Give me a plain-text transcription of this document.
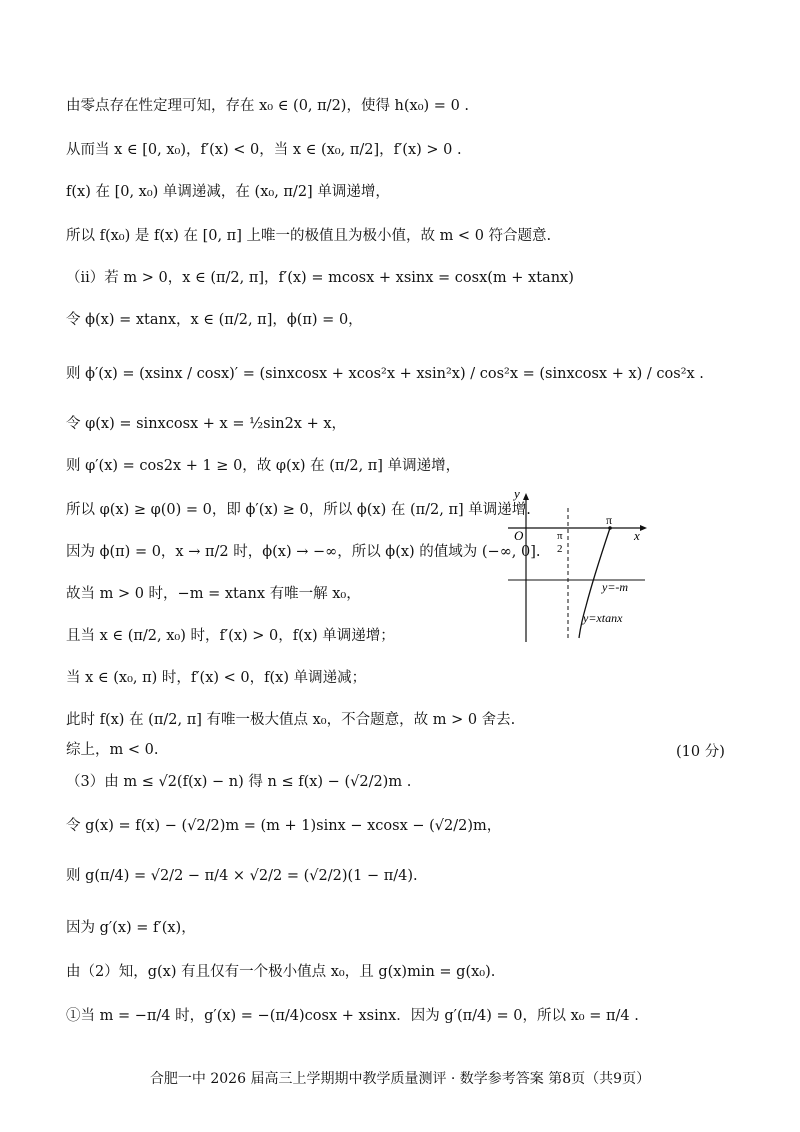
由零点存在性定理可知，存在 x₀ ∈ (0, π/2)，使得 h(x₀) = 0 .
从而当 x ∈ [0, x₀)，f′(x) < 0，当 x ∈ (x₀, π/2]，f′(x) > 0 .
f(x) 在 [0, x₀) 单调递减，在 (x₀, π/2] 单调递增，
所以 f(x₀) 是 f(x) 在 [0, π] 上唯一的极值且为极小值，故 m < 0 符合题意.
（ii）若 m > 0，x ∈ (π/2, π]，f′(x) = mcosx + xsinx = cosx(m + xtanx)
令 ϕ(x) = xtanx，x ∈ (π/2, π]，ϕ(π) = 0，
则 ϕ′(x) = (xsinx / cosx)′ = (sinxcosx + xcos²x + xsin²x) / cos²x = (sinxcosx + x) / cos²x .
令 φ(x) = sinxcosx + x = ½sin2x + x，
则 φ′(x) = cos2x + 1 ≥ 0，故 φ(x) 在 (π/2, π] 单调递增，
所以 φ(x) ≥ φ(0) = 0，即 ϕ′(x) ≥ 0，所以 ϕ(x) 在 (π/2, π] 单调递增.
因为 ϕ(π) = 0，x → π/2 时，ϕ(x) → −∞，所以 ϕ(x) 的值域为 (−∞, 0].
故当 m > 0 时，−m = xtanx 有唯一解 x₀，
且当 x ∈ (π/2, x₀) 时，f′(x) > 0，f(x) 单调递增；
当 x ∈ (x₀, π) 时，f′(x) < 0，f(x) 单调递减；
此时 f(x) 在 (π/2, π] 有唯一极大值点 x₀，不合题意，故 m > 0 舍去.
综上，m < 0.	(10 分)
（3）由 m ≤ √2(f(x) − n) 得 n ≤ f(x) − (√2/2)m .
令 g(x) = f(x) − (√2/2)m = (m + 1)sinx − xcosx − (√2/2)m，
则 g(π/4) = √2/2 − π/4 × √2/2 = (√2/2)(1 − π/4).
因为 g′(x) = f′(x)，
由（2）知，g(x) 有且仅有一个极小值点 x₀，且 g(x)min = g(x₀).
①当 m = −π/4 时，g′(x) = −(π/4)cosx + xsinx．因为 g′(π/4) = 0，所以 x₀ = π/4 .
x
y
O
π
π
2
y=-m
y=xtanx
合肥一中 2026 届高三上学期期中教学质量测评 · 数学参考答案 第8页（共9页）
